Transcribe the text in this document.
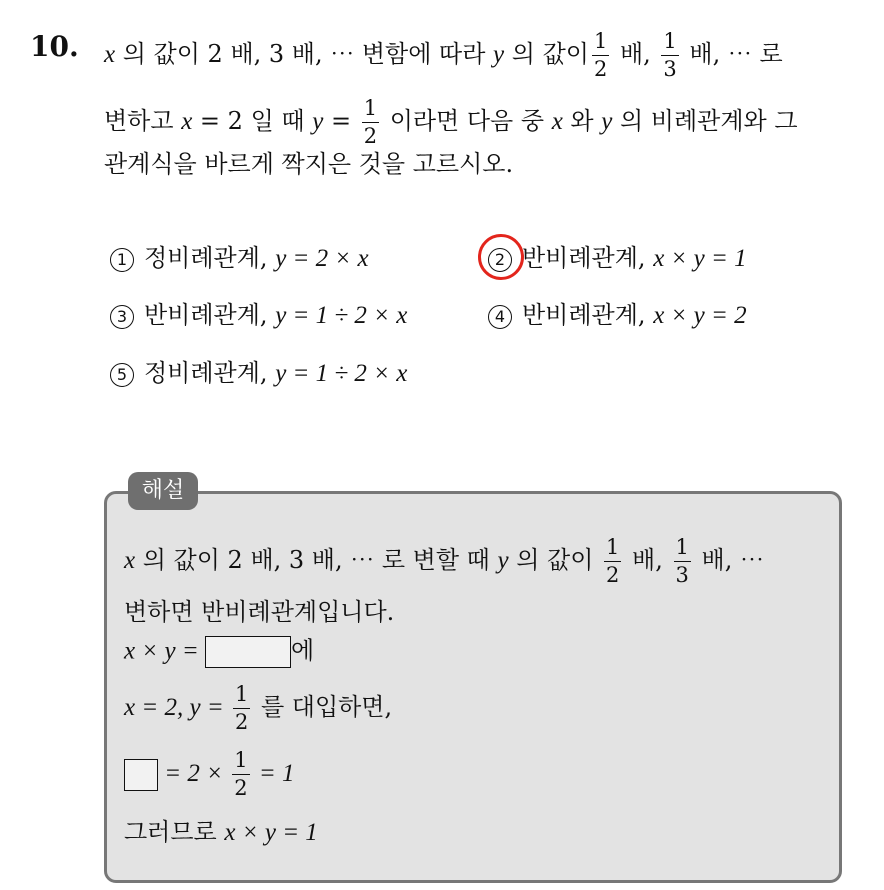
10. x 의 값이 2 배, 3 배, ⋯ 변함에 따라 y 의 값이 $\frac{1}{2}$ 배, $\frac{1}{3}$ 배, ⋯ 로
변하고 x = 2 일 때 $y = \frac{1}{2}$ 이라면 다음 중 x 와 y 의 비례관계와 그
관계식을 바르게 짝지은 것을 고르시오.
1 정비례관계, y = 2 × x	2 반비례관계, x × y = 1
3 반비례관계, y = 1 ÷ 2 × x	4 반비례관계, x × y = 2
5 정비례관계, y = 1 ÷ 2 × x
해설
x 의 값이 2 배, 3 배, ⋯ 로 변할 때 y 의 값이 $\frac{1}{2}$ 배, $\frac{1}{3}$ 배, ⋯
변하면 반비례관계입니다.
x × y =	에
x = 2, $y = \frac{1}{2}$ 를 대입하면,
= $2 \times \frac{1}{2} = 1$
그러므로 x × y = 1
